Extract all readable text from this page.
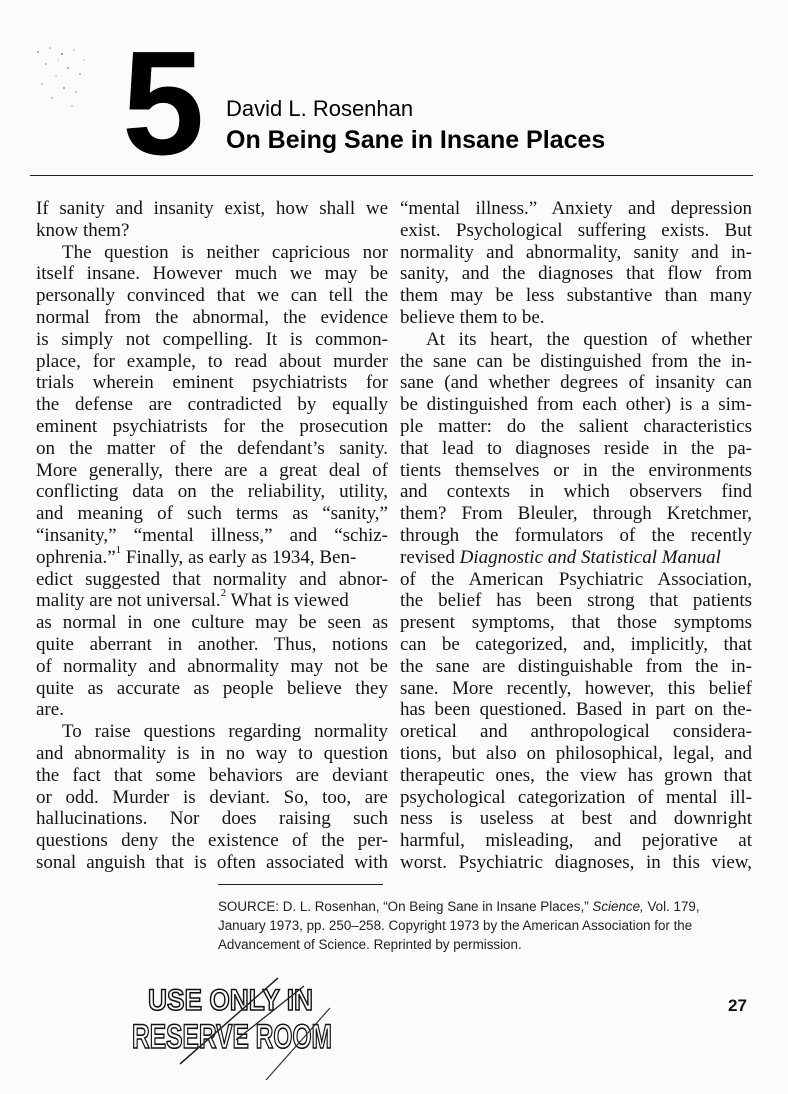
5 David L. Rosenhan
On Being Sane in Insane Places
If sanity and insanity exist, how shall we
know them?
The question is neither capricious nor
itself insane. However much we may be
personally convinced that we can tell the
normal from the abnormal, the evidence
is simply not compelling. It is common-
place, for example, to read about murder
trials wherein eminent psychiatrists for
the defense are contradicted by equally
eminent psychiatrists for the prosecution
on the matter of the defendant’s sanity.
More generally, there are a great deal of
conflicting data on the reliability, utility,
and meaning of such terms as “sanity,”
“insanity,” “mental illness,” and “schiz-
ophrenia.”$^1$ Finally, as early as 1934, Ben-
edict suggested that normality and abnor-
mality are not universal.$^2$ What is viewed
as normal in one culture may be seen as
quite aberrant in another. Thus, notions
of normality and abnormality may not be
quite as accurate as people believe they
are.
To raise questions regarding normality
and abnormality is in no way to question
the fact that some behaviors are deviant
or odd. Murder is deviant. So, too, are
hallucinations. Nor does raising such
questions deny the existence of the per-
sonal anguish that is often associated with
“mental illness.” Anxiety and depression
exist. Psychological suffering exists. But
normality and abnormality, sanity and in-
sanity, and the diagnoses that flow from
them may be less substantive than many
believe them to be.
At its heart, the question of whether
the sane can be distinguished from the in-
sane (and whether degrees of insanity can
be distinguished from each other) is a sim-
ple matter: do the salient characteristics
that lead to diagnoses reside in the pa-
tients themselves or in the environments
and contexts in which observers find
them? From Bleuler, through Kretchmer,
through the formulators of the recently
revised Diagnostic and Statistical Manual
of the American Psychiatric Association,
the belief has been strong that patients
present symptoms, that those symptoms
can be categorized, and, implicitly, that
the sane are distinguishable from the in-
sane. More recently, however, this belief
has been questioned. Based in part on the-
oretical and anthropological considera-
tions, but also on philosophical, legal, and
therapeutic ones, the view has grown that
psychological categorization of mental ill-
ness is useless at best and downright
harmful, misleading, and pejorative at
worst. Psychiatric diagnoses, in this view,
SOURCE: D. L. Rosenhan, “On Being Sane in Insane Places,” Science, Vol. 179,
January 1973, pp. 250–258. Copyright 1973 by the American Association for the
Advancement of Science. Reprinted by permission.
27
USE ONLY IN
RESERVE ROOM
